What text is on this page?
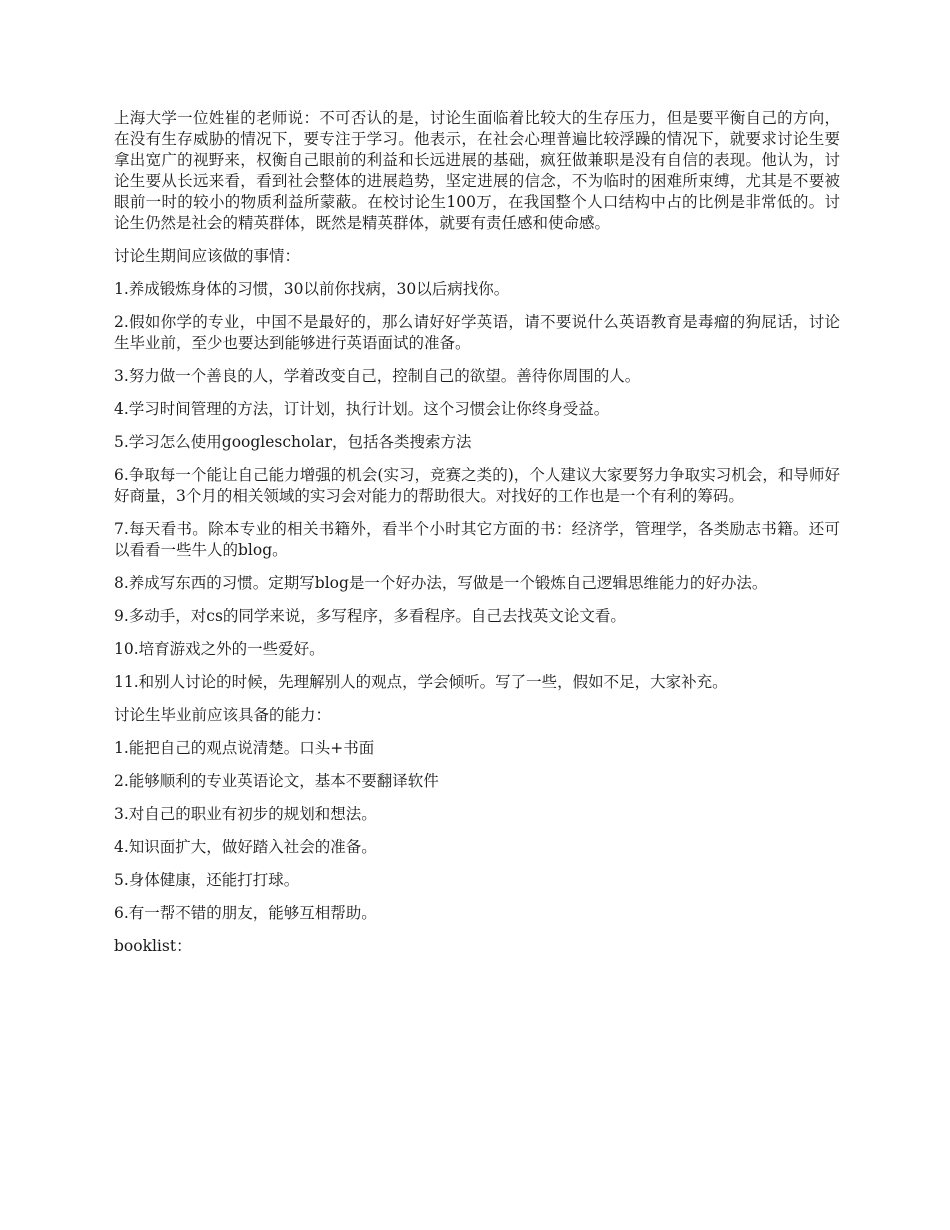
上海大学一位姓崔的老师说：不可否认的是，讨论生面临着比较大的生存压力，但是要平衡自己的方向，在没有生存威胁的情况下，要专注于学习。他表示，在社会心理普遍比较浮躁的情况下，就要求讨论生要拿出宽广的视野来，权衡自己眼前的利益和长远进展的基础，疯狂做兼职是没有自信的表现。他认为，讨论生要从长远来看，看到社会整体的进展趋势，坚定进展的信念，不为临时的困难所束缚，尤其是不要被眼前一时的较小的物质利益所蒙蔽。在校讨论生100万，在我国整个人口结构中占的比例是非常低的。讨论生仍然是社会的精英群体，既然是精英群体，就要有责任感和使命感。

讨论生期间应该做的事情：

1.养成锻炼身体的习惯，30以前你找病，30以后病找你。

2.假如你学的专业，中国不是最好的，那么请好好学英语，请不要说什么英语教育是毒瘤的狗屁话，讨论生毕业前，至少也要达到能够进行英语面试的准备。

3.努力做一个善良的人，学着改变自己，控制自己的欲望。善待你周围的人。

4.学习时间管理的方法，订计划，执行计划。这个习惯会让你终身受益。

5.学习怎么使用googlescholar，包括各类搜索方法

6.争取每一个能让自己能力增强的机会(实习，竞赛之类的)，个人建议大家要努力争取实习机会，和导师好好商量，3个月的相关领域的实习会对能力的帮助很大。对找好的工作也是一个有利的筹码。

7.每天看书。除本专业的相关书籍外，看半个小时其它方面的书：经济学，管理学，各类励志书籍。还可以看看一些牛人的blog。

8.养成写东西的习惯。定期写blog是一个好办法，写做是一个锻炼自己逻辑思维能力的好办法。

9.多动手，对cs的同学来说，多写程序，多看程序。自己去找英文论文看。

10.培育游戏之外的一些爱好。

11.和别人讨论的时候，先理解别人的观点，学会倾听。写了一些，假如不足，大家补充。

讨论生毕业前应该具备的能力：

1.能把自己的观点说清楚。口头+书面

2.能够顺利的专业英语论文，基本不要翻译软件

3.对自己的职业有初步的规划和想法。

4.知识面扩大，做好踏入社会的准备。

5.身体健康，还能打打球。

6.有一帮不错的朋友，能够互相帮助。

booklist：
